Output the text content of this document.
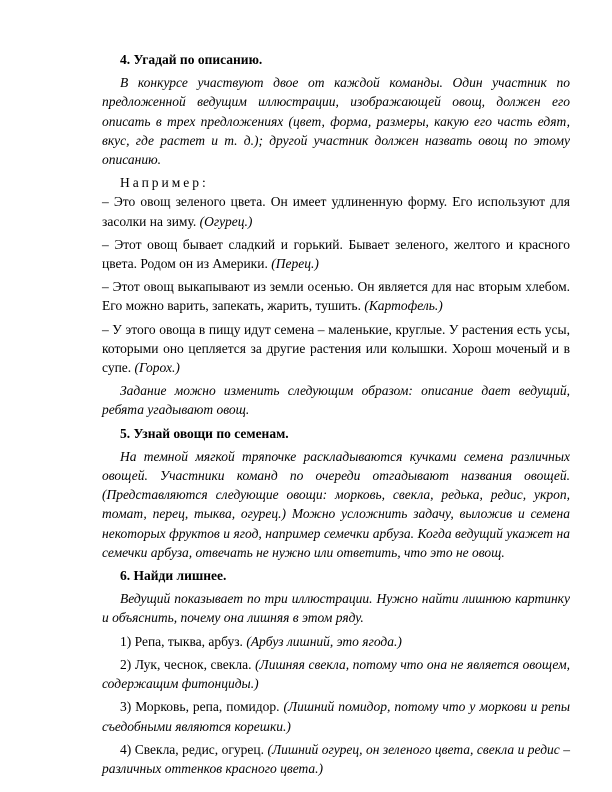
4. Угадай по описанию.

В конкурсе участвуют двое от каждой команды. Один участник по предложенной ведущим иллюстрации, изображающей овощ, должен его описать в трех предложениях (цвет, форма, размеры, какую его часть едят, вкус, где растет и т. д.); другой участник должен назвать овощ по этому описанию.

Например:

– Это овощ зеленого цвета. Он имеет удлиненную форму. Его используют для засолки на зиму. (Огурец.)

– Этот овощ бывает сладкий и горький. Бывает зеленого, желтого и красного цвета. Родом он из Америки. (Перец.)

– Этот овощ выкапывают из земли осенью. Он является для нас вторым хлебом. Его можно варить, запекать, жарить, тушить. (Картофель.)

– У этого овоща в пищу идут семена – маленькие, круглые. У растения есть усы, которыми оно цепляется за другие растения или колышки. Хорош моченый и в супе. (Горох.)

Задание можно изменить следующим образом: описание дает ведущий, ребята угадывают овощ.

5. Узнай овощи по семенам.

На темной мягкой тряпочке раскладываются кучками семена различных овощей. Участники команд по очереди отгадывают названия овощей. (Представляются следующие овощи: морковь, свекла, редька, редис, укроп, томат, перец, тыква, огурец.) Можно усложнить задачу, выложив и семена некоторых фруктов и ягод, например семечки арбуза. Когда ведущий укажет на семечки арбуза, отвечать не нужно или ответить, что это не овощ.

6. Найди лишнее.

Ведущий показывает по три иллюстрации. Нужно найти лишнюю картинку и объяснить, почему она лишняя в этом ряду.

1) Репа, тыква, арбуз. (Арбуз лишний, это ягода.)

2) Лук, чеснок, свекла. (Лишняя свекла, потому что она не является овощем, содержащим фитонциды.)

3) Морковь, репа, помидор. (Лишний помидор, потому что у моркови и репы съедобными являются корешки.)

4) Свекла, редис, огурец. (Лишний огурец, он зеленого цвета, свекла и редис – различных оттенков красного цвета.)
